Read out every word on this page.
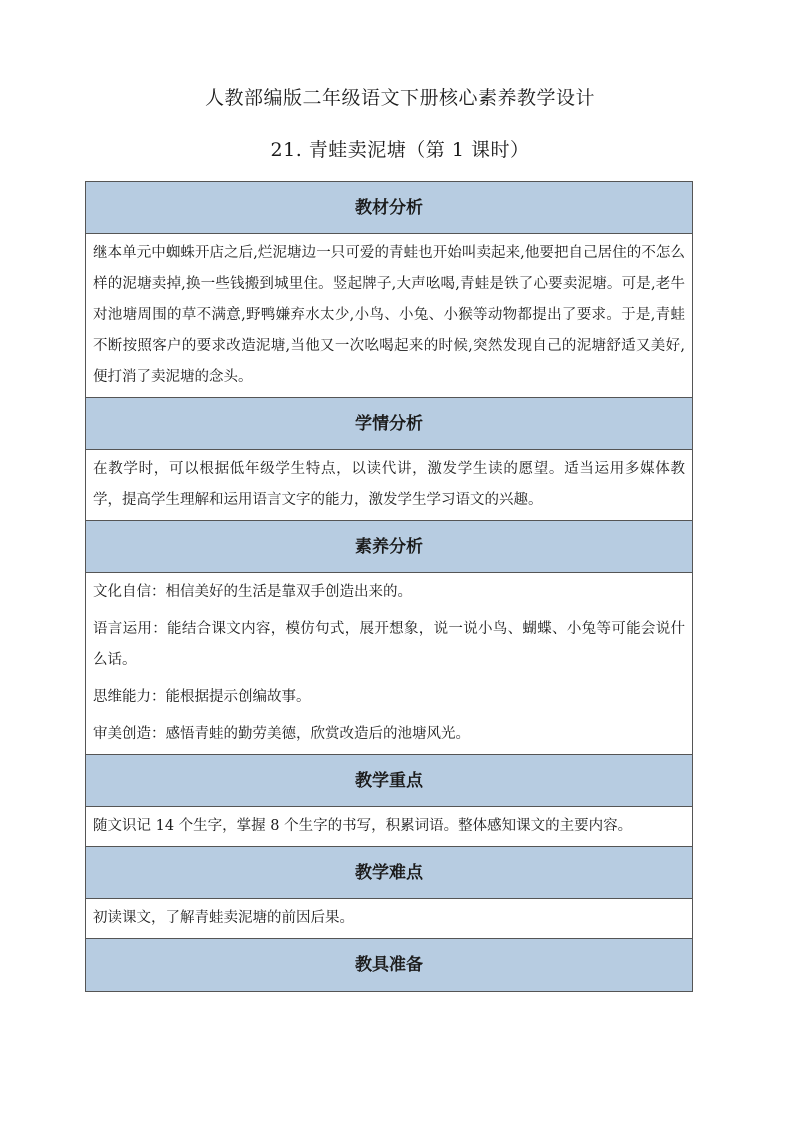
人教部编版二年级语文下册核心素养教学设计
21. 青蛙卖泥塘（第 1 课时）
教材分析

继本单元中蜘蛛开店之后,烂泥塘边一只可爱的青蛙也开始叫卖起来,他要把自己居住的不怎么样的泥塘卖掉,换一些钱搬到城里住。竖起牌子,大声吆喝,青蛙是铁了心要卖泥塘。可是,老牛对池塘周围的草不满意,野鸭嫌弃水太少,小鸟、小兔、小猴等动物都提出了要求。于是,青蛙不断按照客户的要求改造泥塘,当他又一次吆喝起来的时候,突然发现自己的泥塘舒适又美好,便打消了卖泥塘的念头。

学情分析

在教学时，可以根据低年级学生特点，以读代讲，激发学生读的愿望。适当运用多媒体教学，提高学生理解和运用语言文字的能力，激发学生学习语文的兴趣。

素养分析

文化自信：相信美好的生活是靠双手创造出来的。

语言运用：能结合课文内容，模仿句式，展开想象，说一说小鸟、蝴蝶、小兔等可能会说什么话。

思维能力：能根据提示创编故事。

审美创造：感悟青蛙的勤劳美德，欣赏改造后的池塘风光。

教学重点

随文识记 14 个生字，掌握 8 个生字的书写，积累词语。整体感知课文的主要内容。

教学难点

初读课文，了解青蛙卖泥塘的前因后果。

教具准备
